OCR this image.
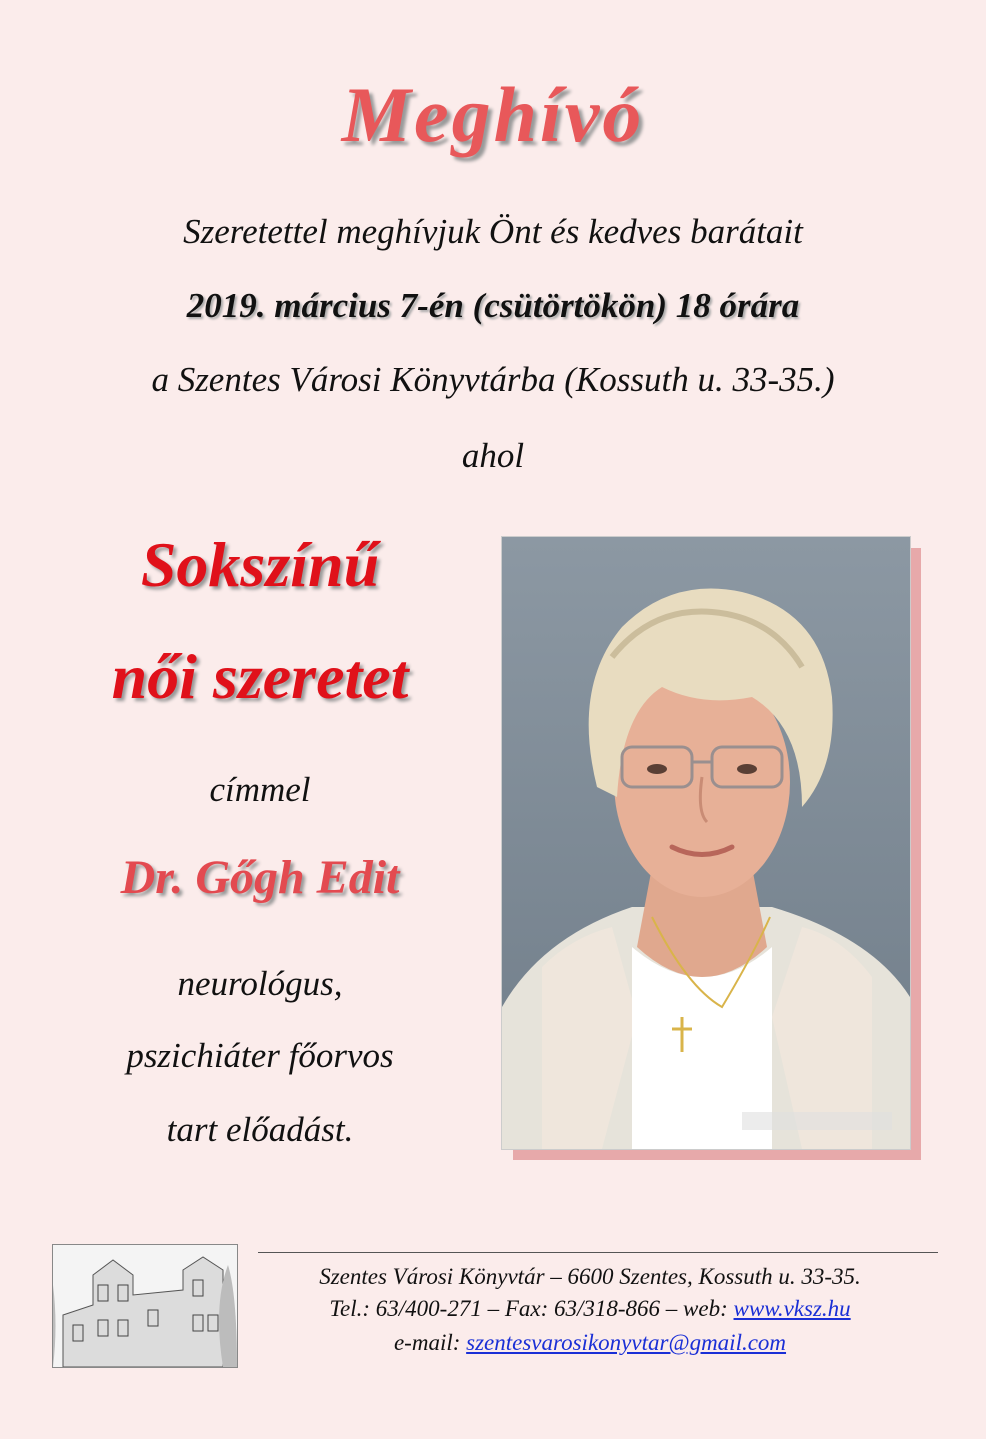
Meghívó
Szeretettel meghívjuk Önt és kedves barátait
2019. március 7-én (csütörtökön) 18 órára
a Szentes Városi Könyvtárba (Kossuth u. 33-35.)
ahol
Sokszínű
női szeretet
címmel
Dr. Gőgh Edit
neurológus,
pszichiáter főorvos
tart előadást.
Szentes Városi Könyvtár – 6600 Szentes, Kossuth u. 33-35.
Tel.: 63/400-271 – Fax: 63/318-866 – web: www.vksz.hu
e-mail: szentesvarosikonyvtar@gmail.com
